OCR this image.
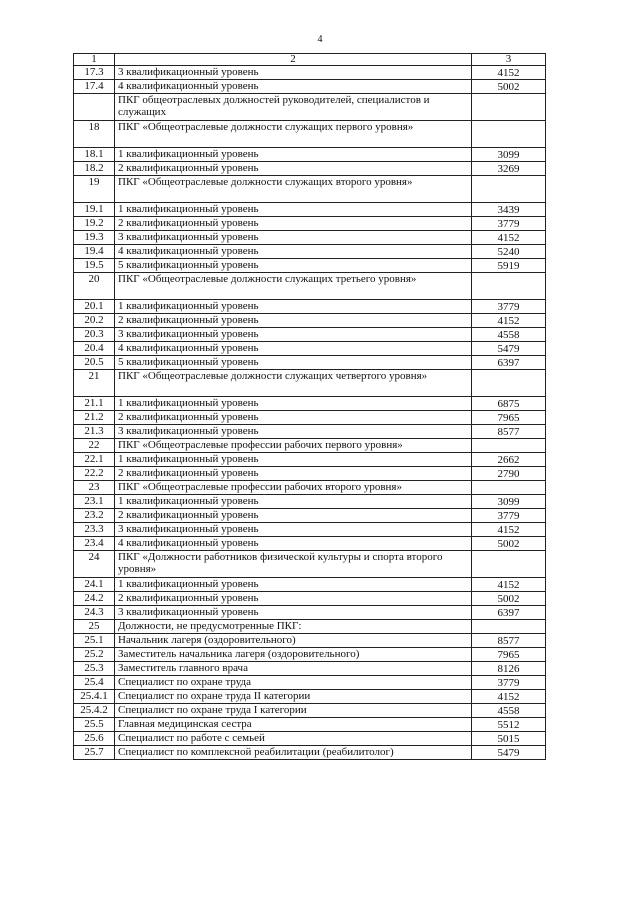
4
1	2	3
17.3	3 квалификационный уровень	4152
17.4	4 квалификационный уровень	5002
	ПКГ общеотраслевых должностей руководителей, специалистов и служащих	
18	ПКГ «Общеотраслевые должности служащих первого уровня»	
18.1	1 квалификационный уровень	3099
18.2	2 квалификационный уровень	3269
19	ПКГ «Общеотраслевые должности служащих второго уровня»	
19.1	1 квалификационный уровень	3439
19.2	2 квалификационный уровень	3779
19.3	3 квалификационный уровень	4152
19.4	4 квалификационный уровень	5240
19.5	5 квалификационный уровень	5919
20	ПКГ «Общеотраслевые должности служащих третьего уровня»	
20.1	1 квалификационный уровень	3779
20.2	2 квалификационный уровень	4152
20.3	3 квалификационный уровень	4558
20.4	4 квалификационный уровень	5479
20.5	5 квалификационный уровень	6397
21	ПКГ «Общеотраслевые должности служащих четвертого уровня»	
21.1	1 квалификационный уровень	6875
21.2	2 квалификационный уровень	7965
21.3	3 квалификационный уровень	8577
22	ПКГ «Общеотраслевые профессии рабочих первого уровня»	
22.1	1 квалификационный уровень	2662
22.2	2 квалификационный уровень	2790
23	ПКГ «Общеотраслевые профессии рабочих второго уровня»	
23.1	1 квалификационный уровень	3099
23.2	2 квалификационный уровень	3779
23.3	3 квалификационный уровень	4152
23.4	4 квалификационный уровень	5002
24	ПКГ «Должности работников физической культуры и спорта второго уровня»	
24.1	1 квалификационный уровень	4152
24.2	2 квалификационный уровень	5002
24.3	3 квалификационный уровень	6397
25	Должности, не предусмотренные ПКГ:	
25.1	Начальник лагеря (оздоровительного)	8577
25.2	Заместитель начальника лагеря (оздоровительного)	7965
25.3	Заместитель главного врача	8126
25.4	Специалист по охране труда	3779
25.4.1	Специалист по охране труда II категории	4152
25.4.2	Специалист по охране труда I категории	4558
25.5	Главная медицинская сестра	5512
25.6	Специалист по работе с семьей	5015
25.7	Специалист по комплексной реабилитации (реабилитолог)	5479
